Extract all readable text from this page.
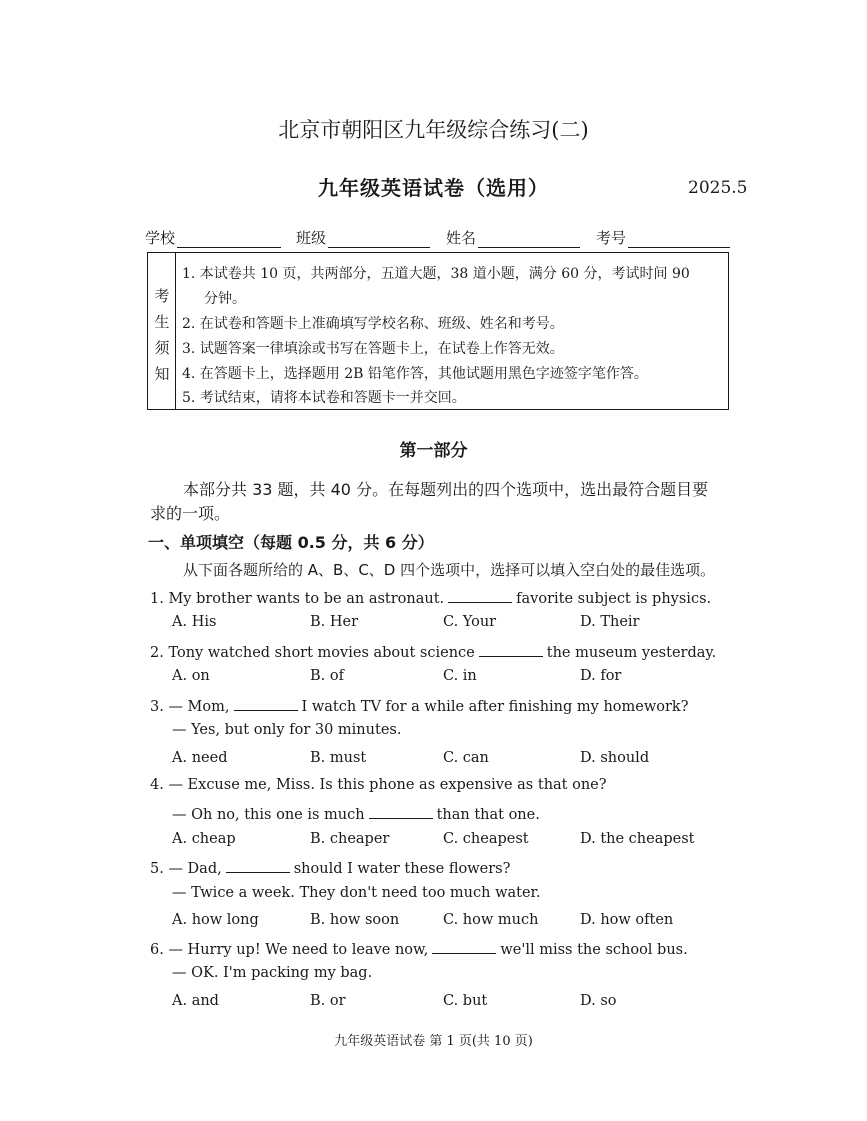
北京市朝阳区九年级综合练习(二)
九年级英语试卷（选用）	2025.5
学校	班级	姓名	考号
考
生
须
知
1. 本试卷共 10 页，共两部分，五道大题，38 道小题，满分 60 分，考试时间 90
分钟。
2. 在试卷和答题卡上准确填写学校名称、班级、姓名和考号。
3. 试题答案一律填涂或书写在答题卡上，在试卷上作答无效。
4. 在答题卡上，选择题用 2B 铅笔作答，其他试题用黑色字迹签字笔作答。
5. 考试结束，请将本试卷和答题卡一并交回。
第一部分
本部分共 33 题，共 40 分。在每题列出的四个选项中，选出最符合题目要
求的一项。
一、单项填空（每题 0.5 分，共 6 分）
从下面各题所给的 A、B、C、D 四个选项中，选择可以填入空白处的最佳选项。
1. My brother wants to be an astronaut.	favorite subject is physics.
A. His	B. Her	C. Your	D. Their
2. Tony watched short movies about science	the museum yesterday.
A. on	B. of	C. in	D. for
3. — Mom,	I watch TV for a while after finishing my homework?
— Yes, but only for 30 minutes.
A. need	B. must	C. can	D. should
4. — Excuse me, Miss. Is this phone as expensive as that one?
— Oh no, this one is much	than that one.
A. cheap	B. cheaper	C. cheapest	D. the cheapest
5. — Dad,	should I water these flowers?
— Twice a week. They don't need too much water.
A. how long	B. how soon	C. how much	D. how often
6. — Hurry up! We need to leave now,	we'll miss the school bus.
— OK. I'm packing my bag.
A. and	B. or	C. but	D. so
九年级英语试卷 第 1 页(共 10 页)
